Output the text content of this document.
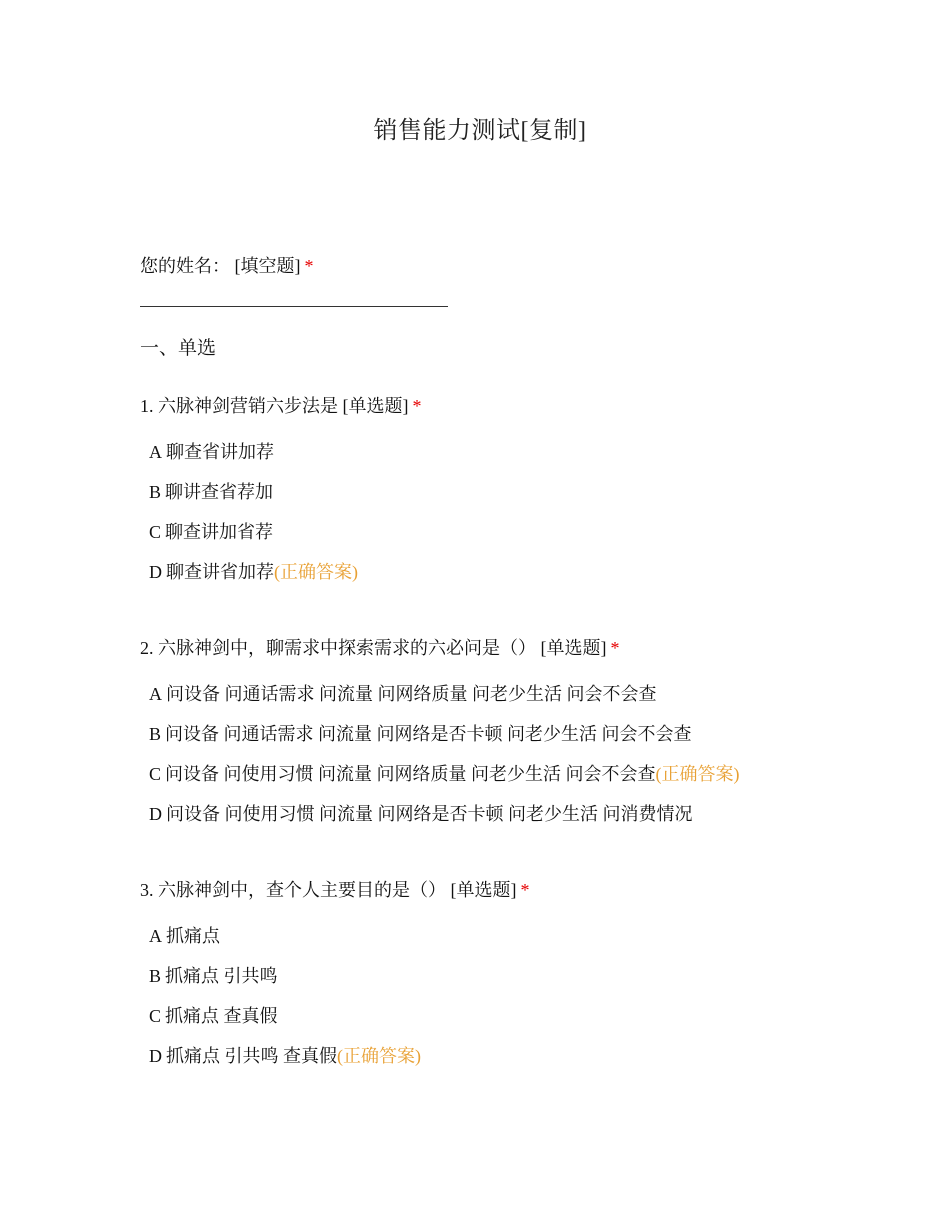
销售能力测试[复制]
您的姓名： [填空题] *
一、单选
1. 六脉神剑营销六步法是 [单选题] *
A 聊查省讲加荐
B 聊讲查省荐加
C 聊查讲加省荐
D 聊查讲省加荐(正确答案)
2. 六脉神剑中，聊需求中探索需求的六必问是（） [单选题] *
A 问设备 问通话需求 问流量 问网络质量 问老少生活 问会不会查
B 问设备 问通话需求 问流量 问网络是否卡顿 问老少生活 问会不会查
C 问设备 问使用习惯 问流量 问网络质量 问老少生活 问会不会查(正确答案)
D 问设备 问使用习惯 问流量 问网络是否卡顿 问老少生活 问消费情况
3. 六脉神剑中，查个人主要目的是（） [单选题] *
A 抓痛点
B 抓痛点 引共鸣
C 抓痛点 查真假
D 抓痛点 引共鸣 查真假(正确答案)
